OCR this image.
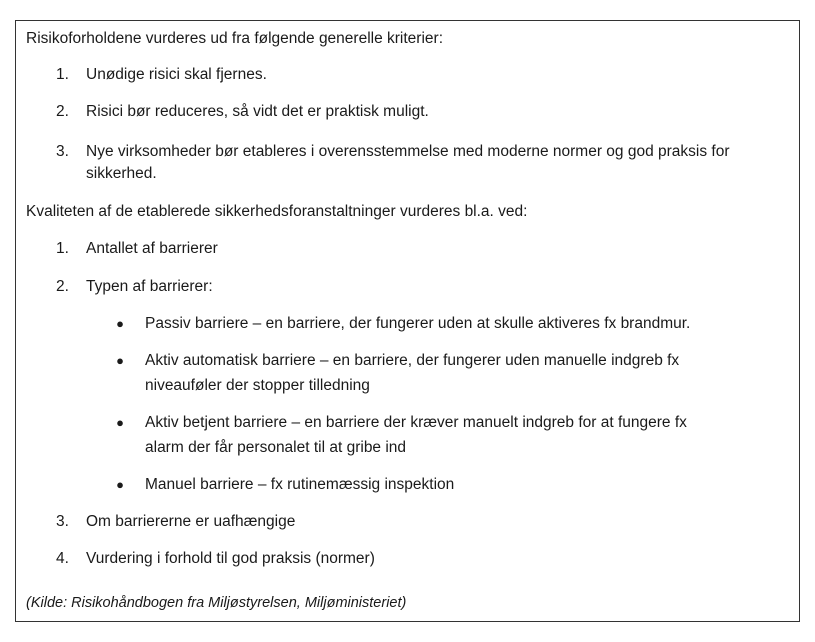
Risikoforholdene vurderes ud fra følgende generelle kriterier:
1.	Unødige risici skal fjernes.
2.	Risici bør reduceres, så vidt det er praktisk muligt.
3.	Nye virksomheder bør etableres i overensstemmelse med moderne normer og god praksis for
sikkerhed.
Kvaliteten af de etablerede sikkerhedsforanstaltninger vurderes bl.a. ved:
1.	Antallet af barrierer
2.	Typen af barrierer:
● Passiv barriere – en barriere, der fungerer uden at skulle aktiveres fx brandmur.
● Aktiv automatisk barriere – en barriere, der fungerer uden manuelle indgreb fx
niveauføler der stopper tilledning
● Aktiv betjent barriere – en barriere der kræver manuelt indgreb for at fungere fx
alarm der får personalet til at gribe ind
● Manuel barriere – fx rutinemæssig inspektion
3.	Om barriererne er uafhængige
4.	Vurdering i forhold til god praksis (normer)
(Kilde: Risikohåndbogen fra Miljøstyrelsen, Miljøministeriet)
